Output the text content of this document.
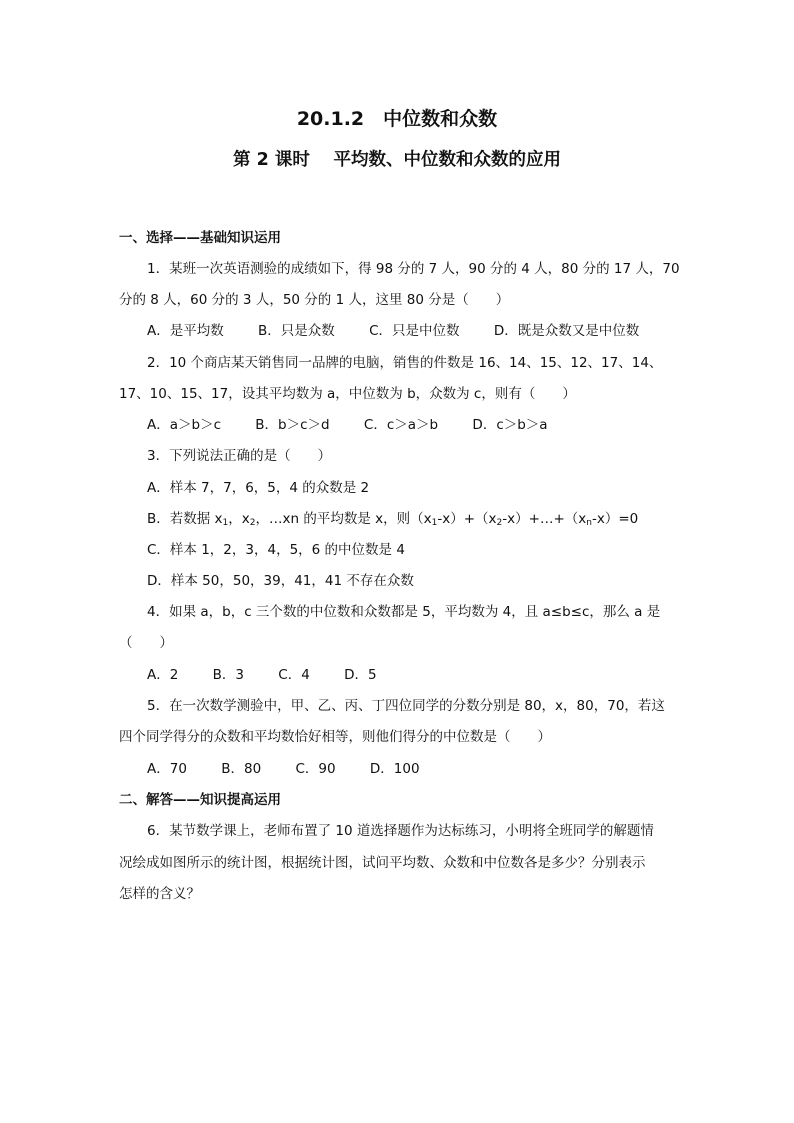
20.1.2　中位数和众数
第 2 课时　 平均数、中位数和众数的应用
一、选择——基础知识运用
1．某班一次英语测验的成绩如下，得 98 分的 7 人，90 分的 4 人，80 分的 17 人，70
分的 8 人，60 分的 3 人，50 分的 1 人，这里 80 分是（　　）
A．是平均数	B．只是众数	C．只是中位数	D．既是众数又是中位数
2．10 个商店某天销售同一品牌的电脑，销售的件数是 16、14、15、12、17、14、
17、10、15、17，设其平均数为 a，中位数为 b，众数为 c，则有（　　）
A．a＞b＞c	B．b＞c＞d	C．c＞a＞b	D．c＞b＞a
3．下列说法正确的是（　　）
A．样本 7，7，6，5，4 的众数是 2
B．若数据 $x_1$，$x_2$，…xn 的平均数是 x，则$(x_1-x)+(x_2-x)+\dots+(x_n-x)=0$
C．样本 1，2，3，4，5，6 的中位数是 4
D．样本 50，50，39，41，41 不存在众数
4．如果 a，b，c 三个数的中位数和众数都是 5，平均数为 4，且 a≤b≤c，那么 a 是
（　　）
A．2	B．3	C．4	D．5
5．在一次数学测验中，甲、乙、丙、丁四位同学的分数分别是 80，x，80，70，若这
四个同学得分的众数和平均数恰好相等，则他们得分的中位数是（　　）
A．70	B．80	C．90	D．100
二、解答——知识提高运用
6．某节数学课上，老师布置了 10 道选择题作为达标练习，小明将全班同学的解题情
况绘成如图所示的统计图，根据统计图，试问平均数、众数和中位数各是多少？分别表示
怎样的含义？
